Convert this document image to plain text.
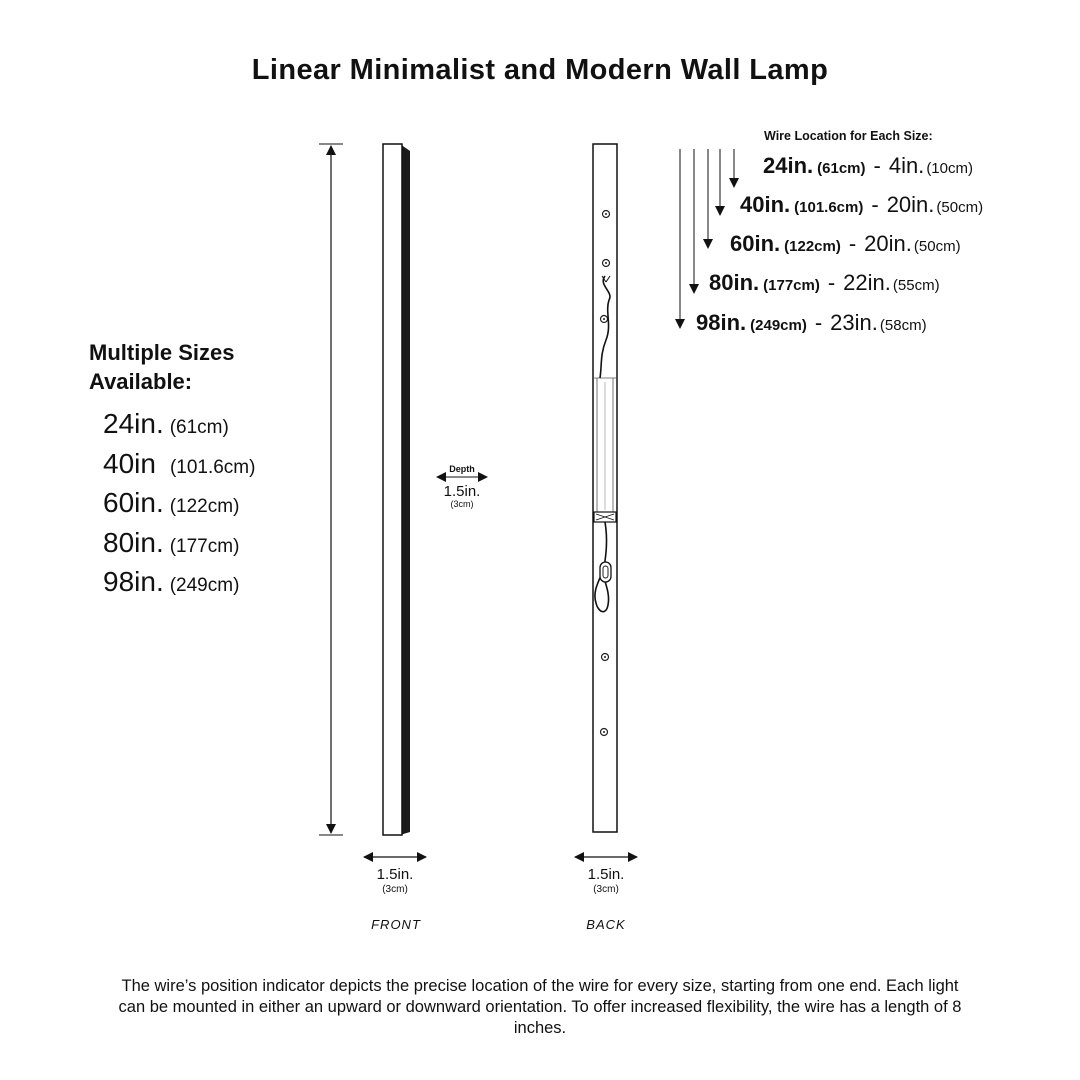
Linear Minimalist and Modern Wall Lamp
Multiple Sizes
Available:
24in. (61cm)
40in (101.6cm)
60in. (122cm)
80in. (177cm)
98in. (249cm)
Wire Location for Each Size:
24in. (61cm) - 4in. (10cm)
40in. (101.6cm) - 20in. (50cm)
60in. (122cm) - 20in. (50cm)
80in. (177cm) - 22in. (55cm)
98in. (249cm) - 23in. (58cm)
Depth
1.5in.
(3cm)
1.5in.
(3cm)
FRONT
1.5in.
(3cm)
BACK
The wire’s position indicator depicts the precise location of the wire for every size, starting from one end. Each light can be mounted in either an upward or downward orientation. To offer increased flexibility, the wire has a length of 8 inches.
